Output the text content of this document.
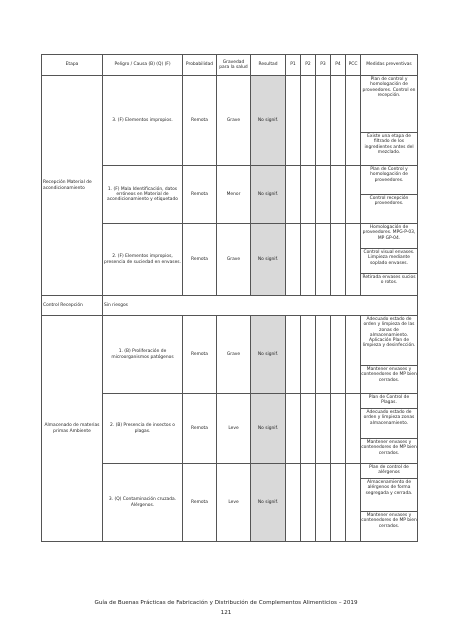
Etapa	Peligro / Causa (B) (Q) (F)	Probabilidad	Gravedad para la salud	Resultad	P1	P2	P3	P4	PCC	Medidas preventivas
Recepción Material de acondicionamiento	3. (F) Elementos impropios.	Remota	Grave	No signif.						Plan de control y homologación de proveedores. Control en recepción.
Existe una etapa de filtrado de los ingredientes antes del mezclado.

	1. (F) Mala Identificación, datos erróneos en Material de acondicionamiento y etiquetado	Remota	Menor	No signif.						Plan de Control y homologación de proveedores.
Control recepción proveedores.

	2. (F) Elementos impropios, presencia de suciedad en envases.	Remota	Grave	No signif.						Homologación de proveedores. MPG-P-03, MP GP-04.
Control visual envases. Limpieza mediante soplado envases.
Retirada envases sucios o rotos.

Control Recepción	Sin riesgos									
Almacenado de materias primas Ambiente	1. (B) Proliferación de microorganismos patógenos	Remota	Grave	No signif.						Adecuado estado de orden y limpieza de las zonas de almacenamiento. Aplicación Plan de limpieza y desinfección.
Mantener envases y contenedores de MP bien cerrados.

	2. (B) Presencia de insectos o plagas.	Remota	Leve	No signif.						Plan de Control de Plagas.
Adecuado estado de orden y limpieza zonas almacenamiento.
Mantener envases y contenedores de MP bien cerrados.

	3. (Q) Contaminación cruzada. Alérgenos.	Remota	Leve	No signif.						Plan de control de alérgenos
Almacenamiento de alérgenos de forma segregada y cerrada.
Mantener envases y contenedores de MP bien cerrados.
Guía de Buenas Prácticas de Fabricación y Distribución de Complementos Alimenticios – 2019
121
